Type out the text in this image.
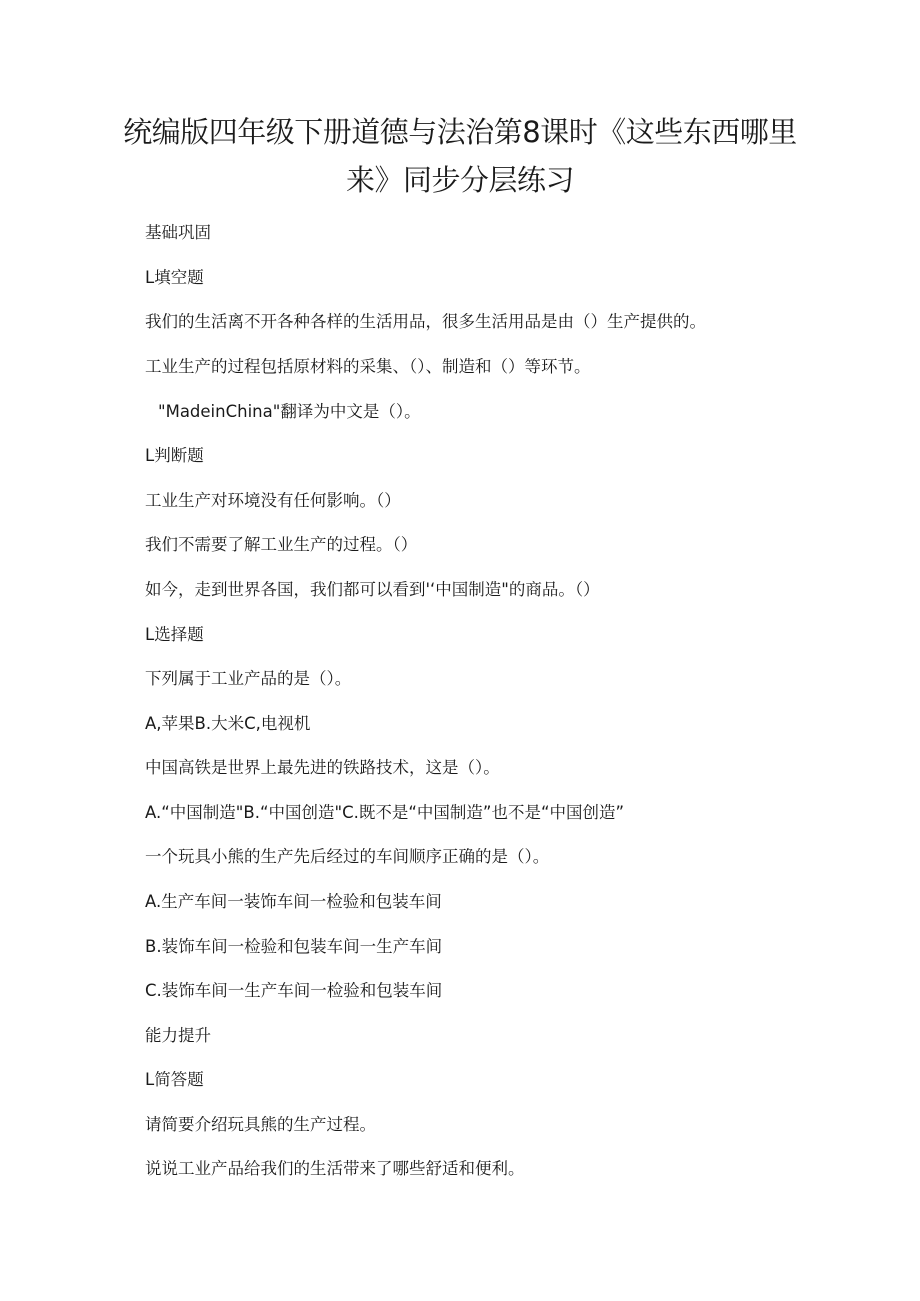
统编版四年级下册道德与法治第8课时《这些东西哪里
来》同步分层练习

基础巩固

L填空题

我们的生活离不开各种各样的生活用品，很多生活用品是由（）生产提供的。

工业生产的过程包括原材料的采集、（）、制造和（）等环节。

"MadeinChina"翻译为中文是（）。

L判断题

工业生产对环境没有任何影响。（）

我们不需要了解工业生产的过程。（）

如今，走到世界各国，我们都可以看到'‘中国制造"的商品。（）

L选择题

下列属于工业产品的是（）。

A,苹果B.大米C,电视机

中国高铁是世界上最先进的铁路技术，这是（）。

A.“中国制造"B.“中国创造"C.既不是“中国制造”也不是“中国创造”

一个玩具小熊的生产先后经过的车间顺序正确的是（）。

A.生产车间一装饰车间一检验和包装车间

B.装饰车间一检验和包装车间一生产车间

C.装饰车间一生产车间一检验和包装车间

能力提升

L简答题

请简要介绍玩具熊的生产过程。

说说工业产品给我们的生活带来了哪些舒适和便利。
